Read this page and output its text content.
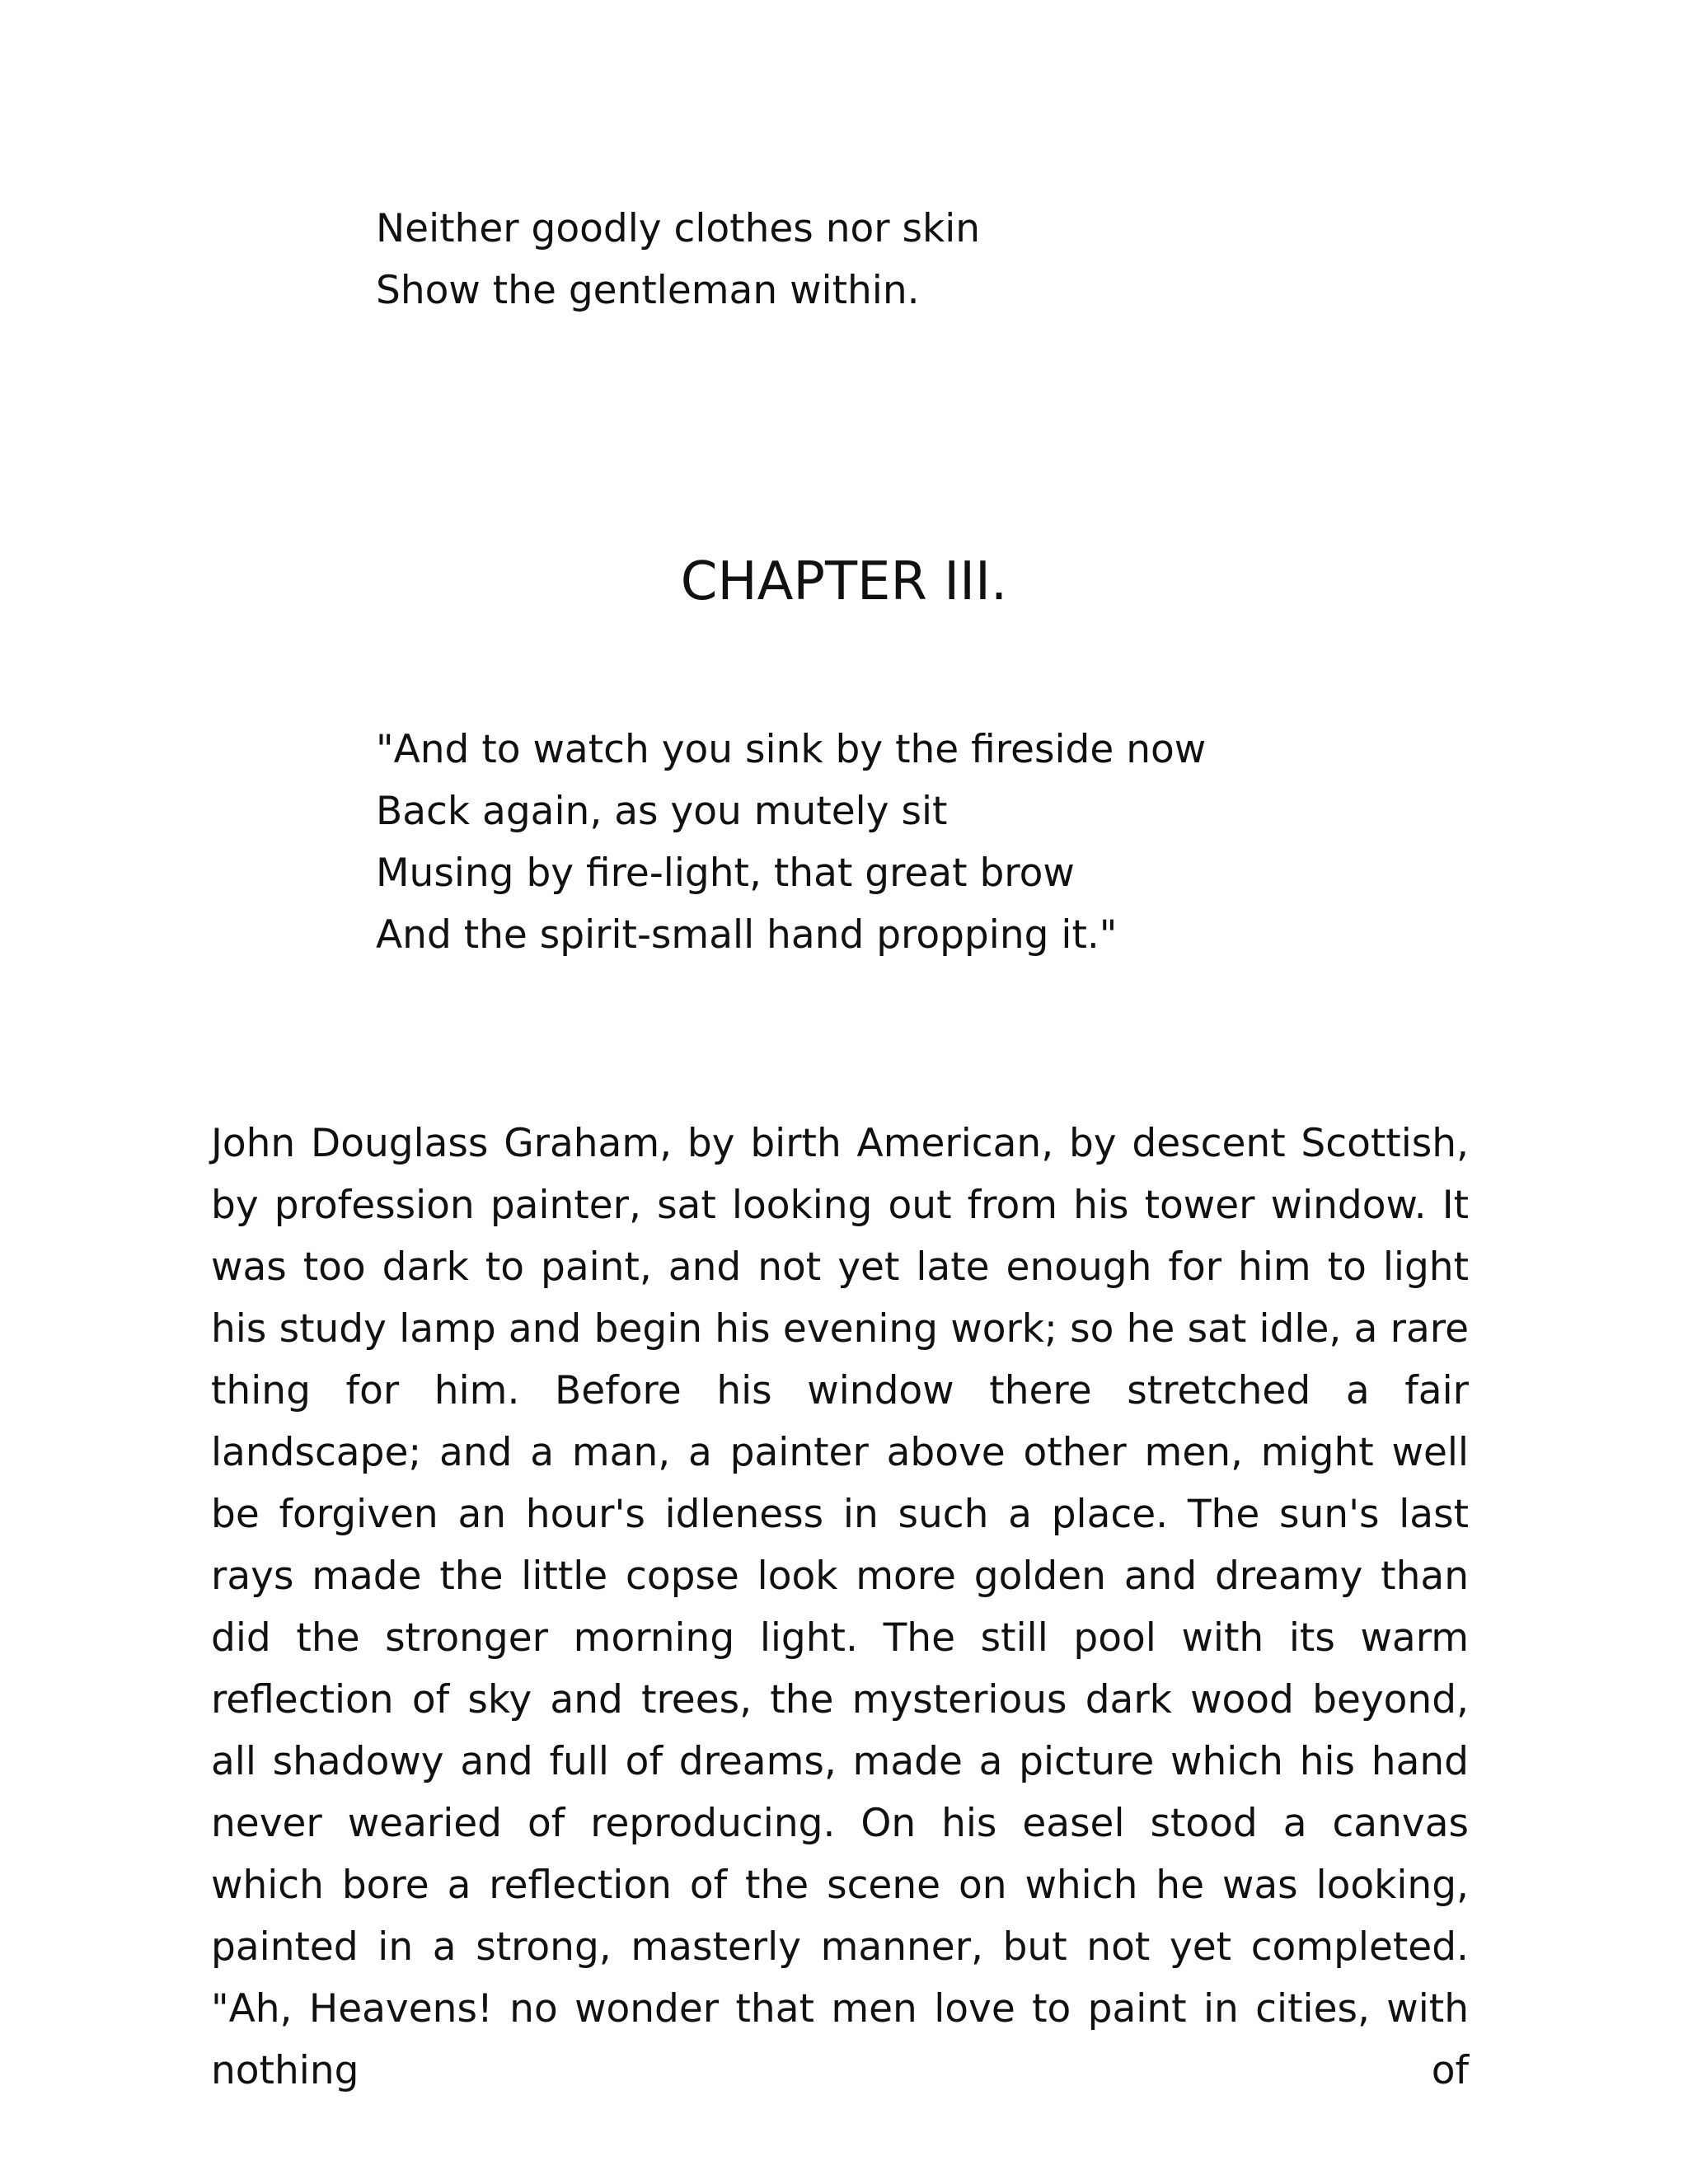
Neither goodly clothes nor skin
Show the gentleman within.
CHAPTER III.
"And to watch you sink by the fireside now
Back again, as you mutely sit
Musing by fire-light, that great brow
And the spirit-small hand propping it."

John Douglass Graham, by birth American, by descent Scottish, by profession painter, sat looking out from his tower window. It was too dark to paint, and not yet late enough for him to light his study lamp and begin his evening work; so he sat idle, a rare thing for him. Before his window there stretched a fair landscape; and a man, a painter above other men, might well be forgiven an hour's idleness in such a place. The sun's last rays made the little copse look more golden and dreamy than did the stronger morning light. The still pool with its warm reflection of sky and trees, the mysterious dark wood beyond, all shadowy and full of dreams, made a picture which his hand never wearied of reproducing. On his easel stood a canvas which bore a reflection of the scene on which he was looking, painted in a strong, masterly manner, but not yet completed. "Ah, Heavens! no wonder that men love to paint in cities, with nothing of
